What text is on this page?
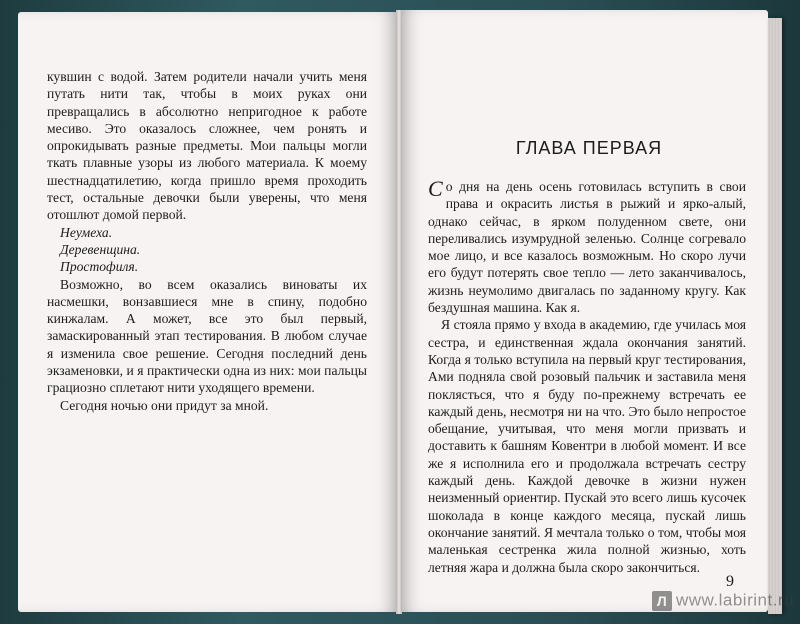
кувшин с водой. Затем родители начали учить меня путать нити так, чтобы в моих руках они превращались в абсолютно непригодное к работе месиво. Это оказалось сложнее, чем ронять и опрокидывать разные предметы. Мои пальцы могли ткать плавные узоры из любого материала. К моему шестнадцатилетию, когда пришло время проходить тест, остальные девочки были уверены, что меня отошлют домой первой.

Неумеха.

Деревенщина.

Простофиля.

Возможно, во всем оказались виноваты их насмешки, вонзавшиеся мне в спину, подобно кинжалам. А может, все это был первый, замаскированный этап тестирования. В любом случае я изменила свое решение. Сегодня последний день экзаменовки, и я практически одна из них: мои пальцы грациозно сплетают нити уходящего времени.

Сегодня ночью они придут за мной.

ГЛАВА ПЕРВАЯ

Со дня на день осень готовилась вступить в свои права и окрасить листья в рыжий и ярко-алый, однако сейчас, в ярком полуденном свете, они переливались изумрудной зеленью. Солнце согревало мое лицо, и все казалось возможным. Но скоро лучи его будут потерять свое тепло — лето заканчивалось, жизнь неумолимо двигалась по заданному кругу. Как бездушная машина. Как я.

Я стояла прямо у входа в академию, где училась моя сестра, и единственная ждала окончания занятий. Когда я только вступила на первый круг тестирования, Ами подняла свой розовый пальчик и заставила меня поклясться, что я буду по-прежнему встречать ее каждый день, несмотря ни на что. Это было непростое обещание, учитывая, что меня могли призвать и доставить к башням Ковентри в любой момент. И все же я исполнила его и продолжала встречать сестру каждый день. Каждой девочке в жизни нужен неизменный ориентир. Пускай это всего лишь кусочек шоколада в конце каждого месяца, пускай лишь окончание занятий. Я мечтала только о том, чтобы моя маленькая сестренка жила полной жизнью, хоть летняя жара и должна была скоро закончиться.

9
Л www.labirint.ru
